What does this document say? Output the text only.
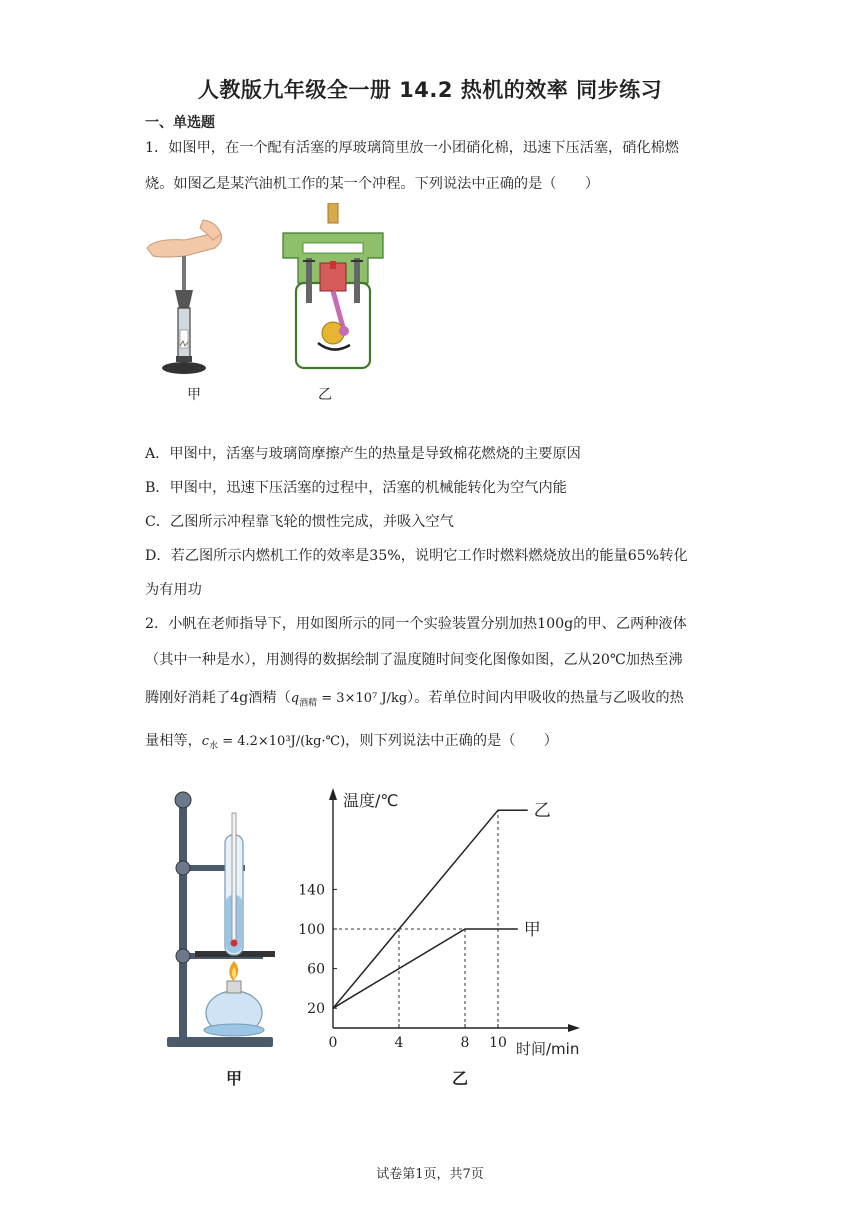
人教版九年级全一册 14.2 热机的效率 同步练习
一、单选题
1．如图甲，在一个配有活塞的厚玻璃筒里放一小团硝化棉，迅速下压活塞，硝化棉燃
烧。如图乙是某汽油机工作的某一个冲程。下列说法中正确的是（　　）
甲	乙
A．甲图中，活塞与玻璃筒摩擦产生的热量是导致棉花燃烧的主要原因
B．甲图中，迅速下压活塞的过程中，活塞的机械能转化为空气内能
C．乙图所示冲程靠飞轮的惯性完成，并吸入空气
D．若乙图所示内燃机工作的效率是35%，说明它工作时燃料燃烧放出的能量65%转化
为有用功
2．小帆在老师指导下，用如图所示的同一个实验装置分别加热100g的甲、乙两种液体
（其中一种是水），用测得的数据绘制了温度随时间变化图像如图，乙从20℃加热至沸
腾刚好消耗了4g酒精（$q_{酒精} = 3\times 10^7$ J/kg）。若单位时间内甲吸收的热量与乙吸收的热
量相等，$c_水$ = 4.2×10³J/(kg·℃)，则下列说法中正确的是（　　）
甲
乙
0	4	8 10
20
60
100
140
温度/℃
时间/min
甲	乙
试卷第1页，共7页
